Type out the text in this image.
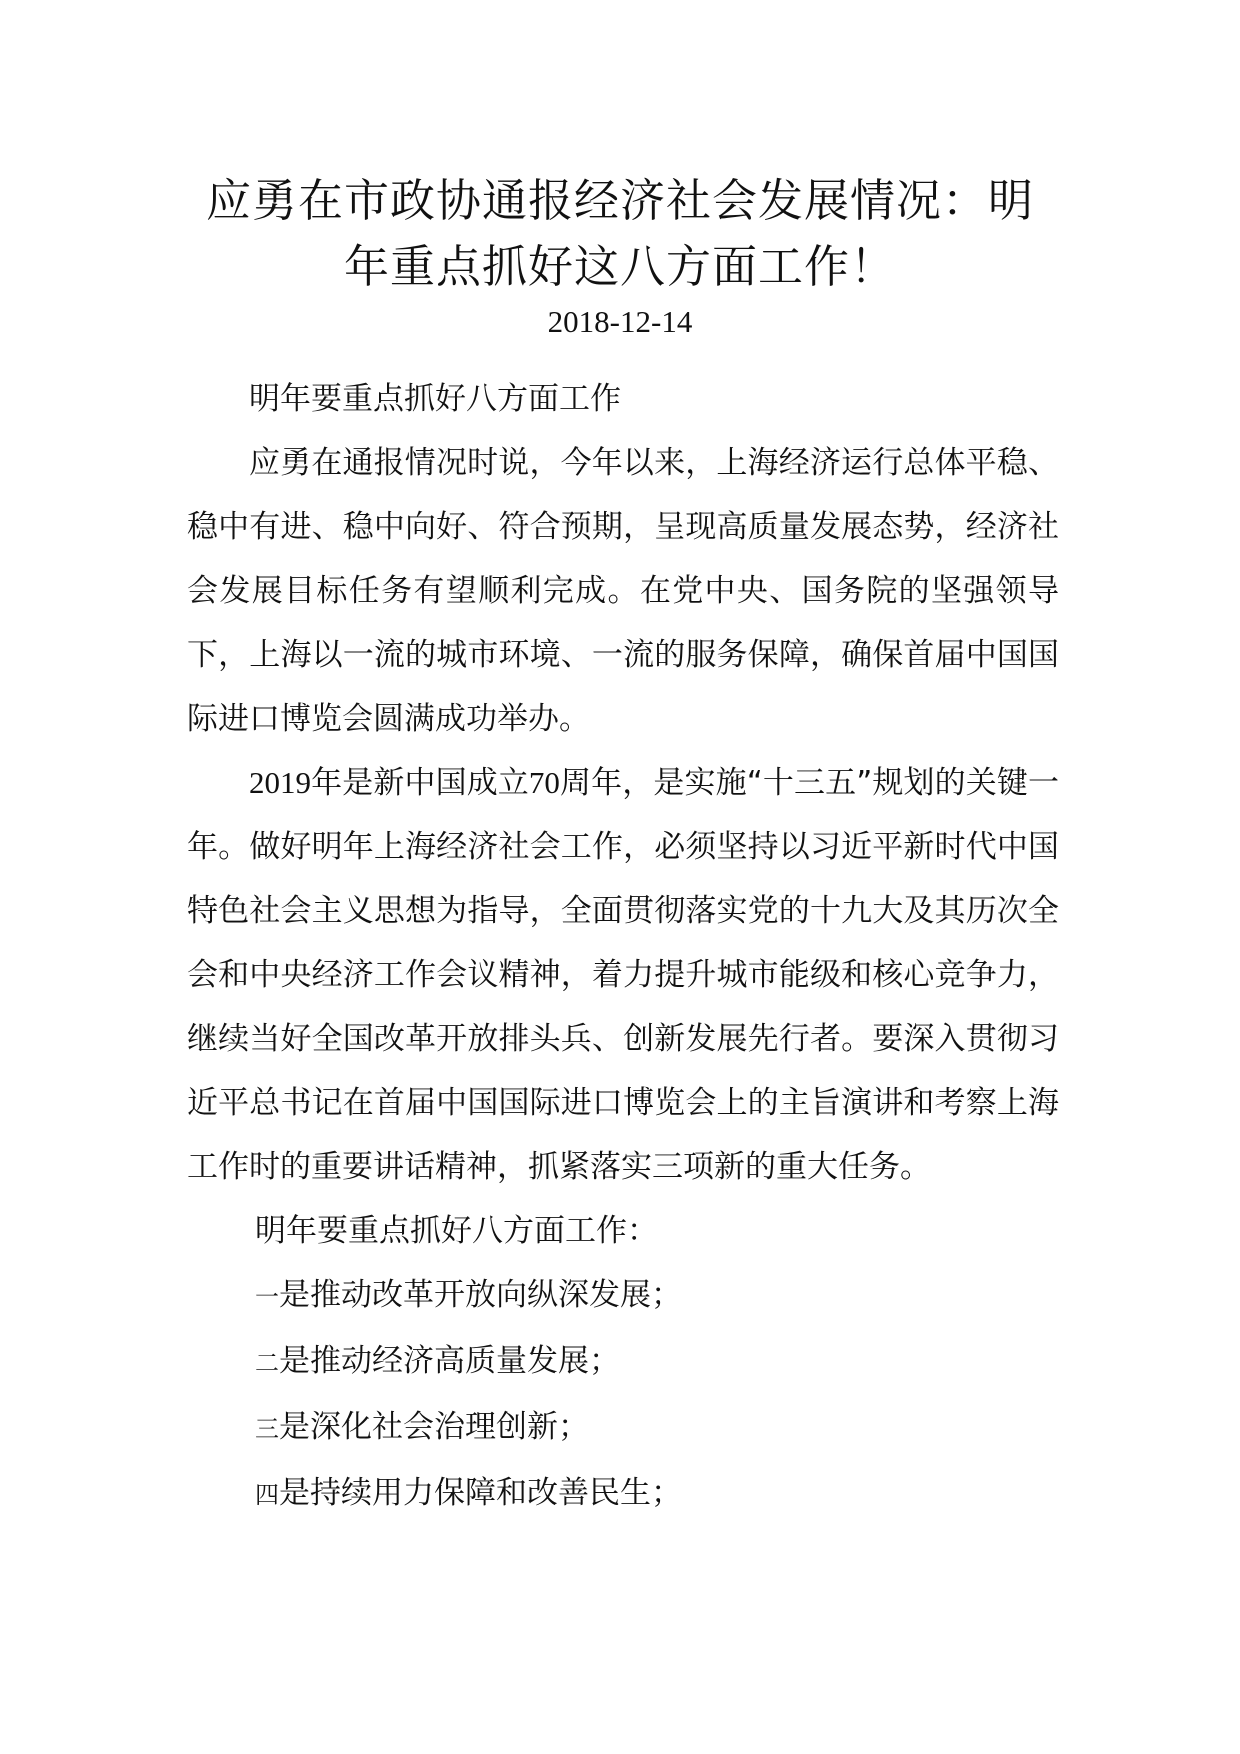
应勇在市政协通报经济社会发展情况：明
年重点抓好这八方面工作！
2018-12-14

明年要重点抓好八方面工作

应勇在通报情况时说，今年以来，上海经济运行总体平稳、稳中有进、稳中向好、符合预期，呈现高质量发展态势，经济社会发展目标任务有望顺利完成。在党中央、国务院的坚强领导下，上海以一流的城市环境、一流的服务保障，确保首届中国国际进口博览会圆满成功举办。

2019年是新中国成立70周年，是实施“十三五”规划的关键一年。做好明年上海经济社会工作，必须坚持以习近平新时代中国特色社会主义思想为指导，全面贯彻落实党的十九大及其历次全会和中央经济工作会议精神，着力提升城市能级和核心竞争力，继续当好全国改革开放排头兵、创新发展先行者。要深入贯彻习近平总书记在首届中国国际进口博览会上的主旨演讲和考察上海工作时的重要讲话精神，抓紧落实三项新的重大任务。

明年要重点抓好八方面工作：

一是推动改革开放向纵深发展；

二是推动经济高质量发展；

三是深化社会治理创新；

四是持续用力保障和改善民生；
